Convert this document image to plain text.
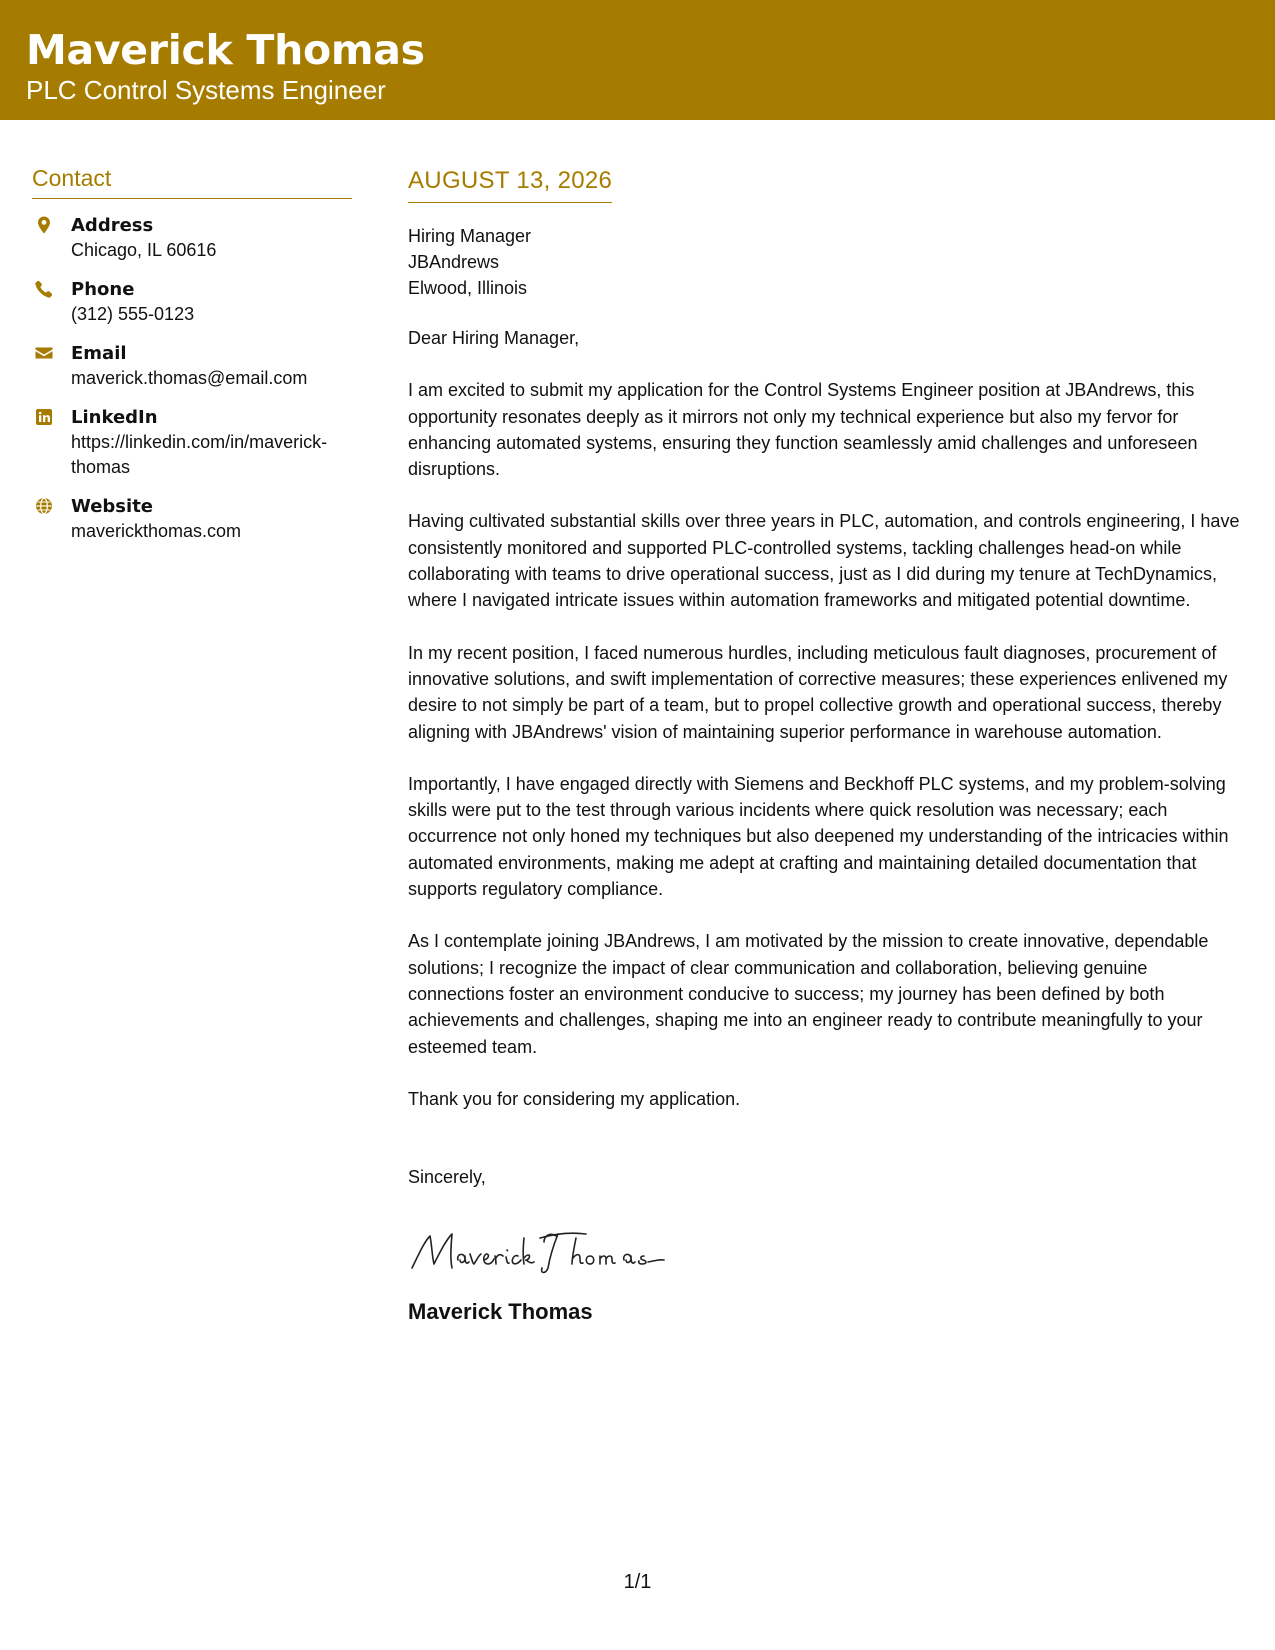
Maverick Thomas
PLC Control Systems Engineer
Contact
Address
Chicago, IL 60616
Phone
(312) 555-0123
Email
maverick.thomas@email.com
LinkedIn
https://linkedin.com/in/maverick-thomas
Website
maverickthomas.com
AUGUST 13, 2026
Hiring Manager
JBAndrews
Elwood, Illinois

Dear Hiring Manager,

I am excited to submit my application for the Control Systems Engineer position at JBAndrews, this opportunity resonates deeply as it mirrors not only my technical experience but also my fervor for enhancing automated systems, ensuring they function seamlessly amid challenges and unforeseen disruptions.

Having cultivated substantial skills over three years in PLC, automation, and controls engineering, I have consistently monitored and supported PLC-controlled systems, tackling challenges head-on while collaborating with teams to drive operational success, just as I did during my tenure at TechDynamics, where I navigated intricate issues within automation frameworks and mitigated potential downtime.

In my recent position, I faced numerous hurdles, including meticulous fault diagnoses, procurement of innovative solutions, and swift implementation of corrective measures; these experiences enlivened my desire to not simply be part of a team, but to propel collective growth and operational success, thereby aligning with JBAndrews' vision of maintaining superior performance in warehouse automation.

Importantly, I have engaged directly with Siemens and Beckhoff PLC systems, and my problem-solving skills were put to the test through various incidents where quick resolution was necessary; each occurrence not only honed my techniques but also deepened my understanding of the intricacies within automated environments, making me adept at crafting and maintaining detailed documentation that supports regulatory compliance.

As I contemplate joining JBAndrews, I am motivated by the mission to create innovative, dependable solutions; I recognize the impact of clear communication and collaboration, believing genuine connections foster an environment conducive to success; my journey has been defined by both achievements and challenges, shaping me into an engineer ready to contribute meaningfully to your esteemed team.

Thank you for considering my application.

Sincerely,
Maverick Thomas
1/1
